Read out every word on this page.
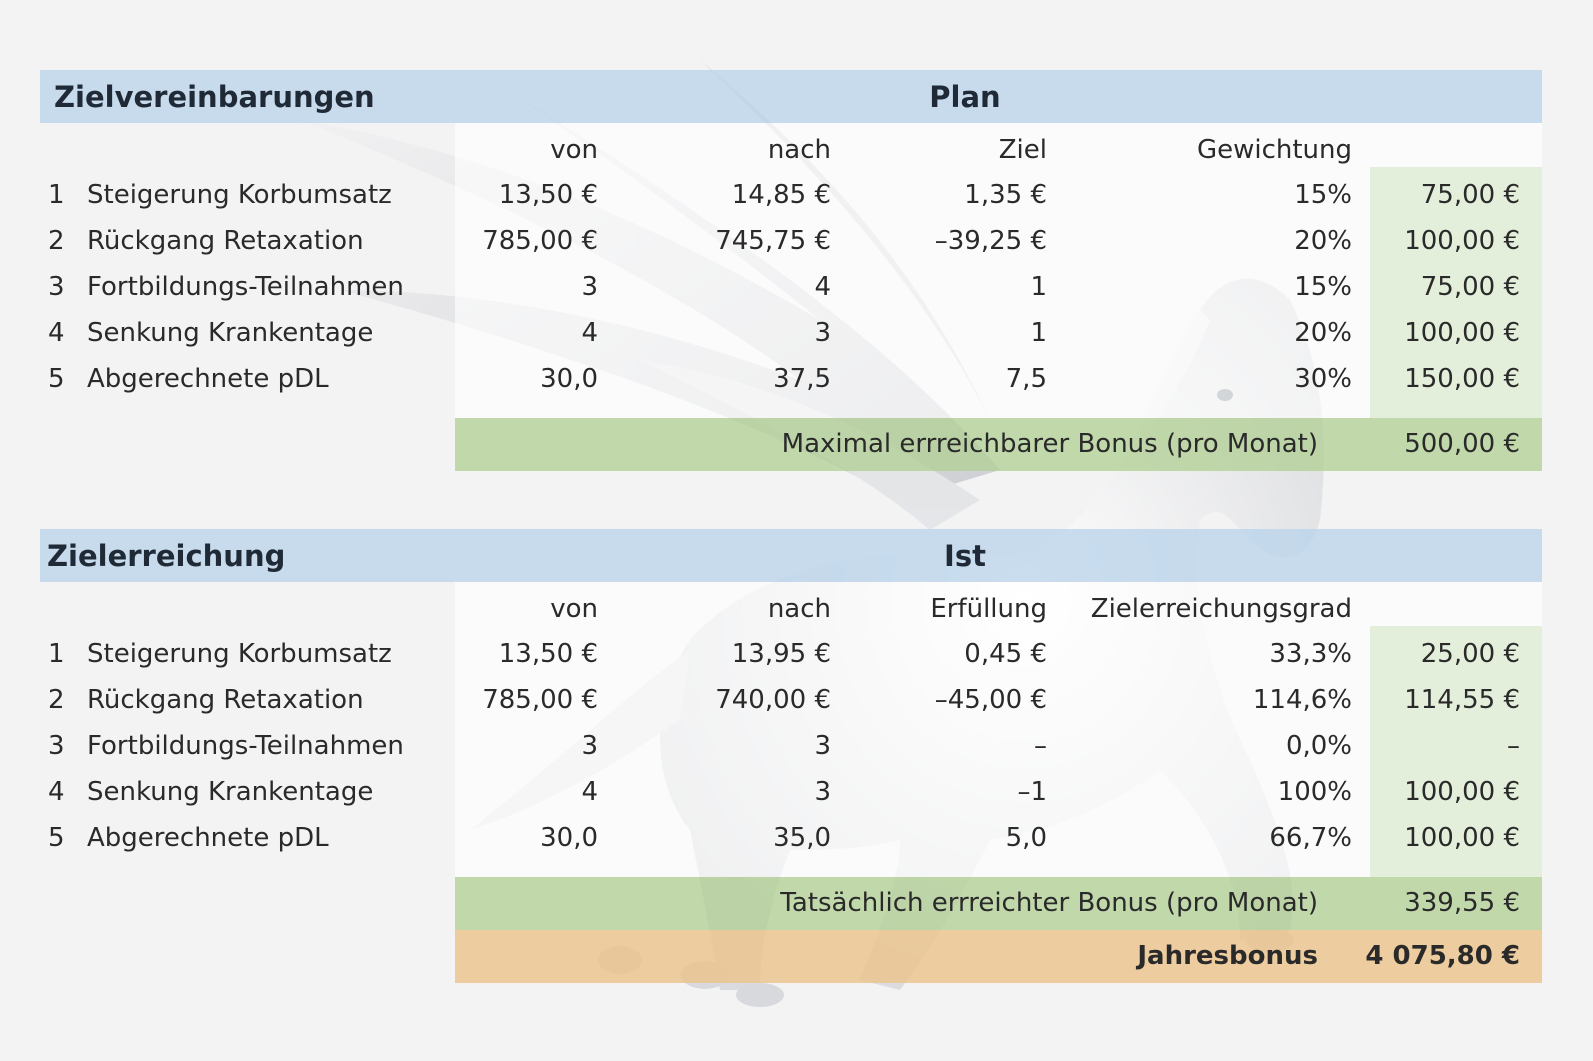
Zielvereinbarungen	Plan
von	nach	Ziel	Gewichtung
1 Steigerung Korbumsatz	13,50 €	14,85 €	1,35 €	15%	75,00 €
2 Rückgang Retaxation	785,00 €	745,75 €	–39,25 €	20%	100,00 €
3 Fortbildungs-Teilnahmen	3	4	1	15%	75,00 €
4 Senkung Krankentage	4	3	1	20%	100,00 €
5 Abgerechnete pDL	30,0	37,5	7,5	30%	150,00 €
Maximal errreichbarer Bonus (pro Monat)	500,00 €
Zielerreichung	Ist
von	nach	Erfüllung	Zielerreichungsgrad
1 Steigerung Korbumsatz	13,50 €	13,95 €	0,45 €	33,3%	25,00 €
2 Rückgang Retaxation	785,00 €	740,00 €	–45,00 €	114,6%	114,55 €
3 Fortbildungs-Teilnahmen	3	3	–	0,0%	–
4 Senkung Krankentage	4	3	–1	100%	100,00 €
5 Abgerechnete pDL	30,0	35,0	5,0	66,7%	100,00 €
Tatsächlich errreichter Bonus (pro Monat)	339,55 €
Jahresbonus	4 075,80 €
